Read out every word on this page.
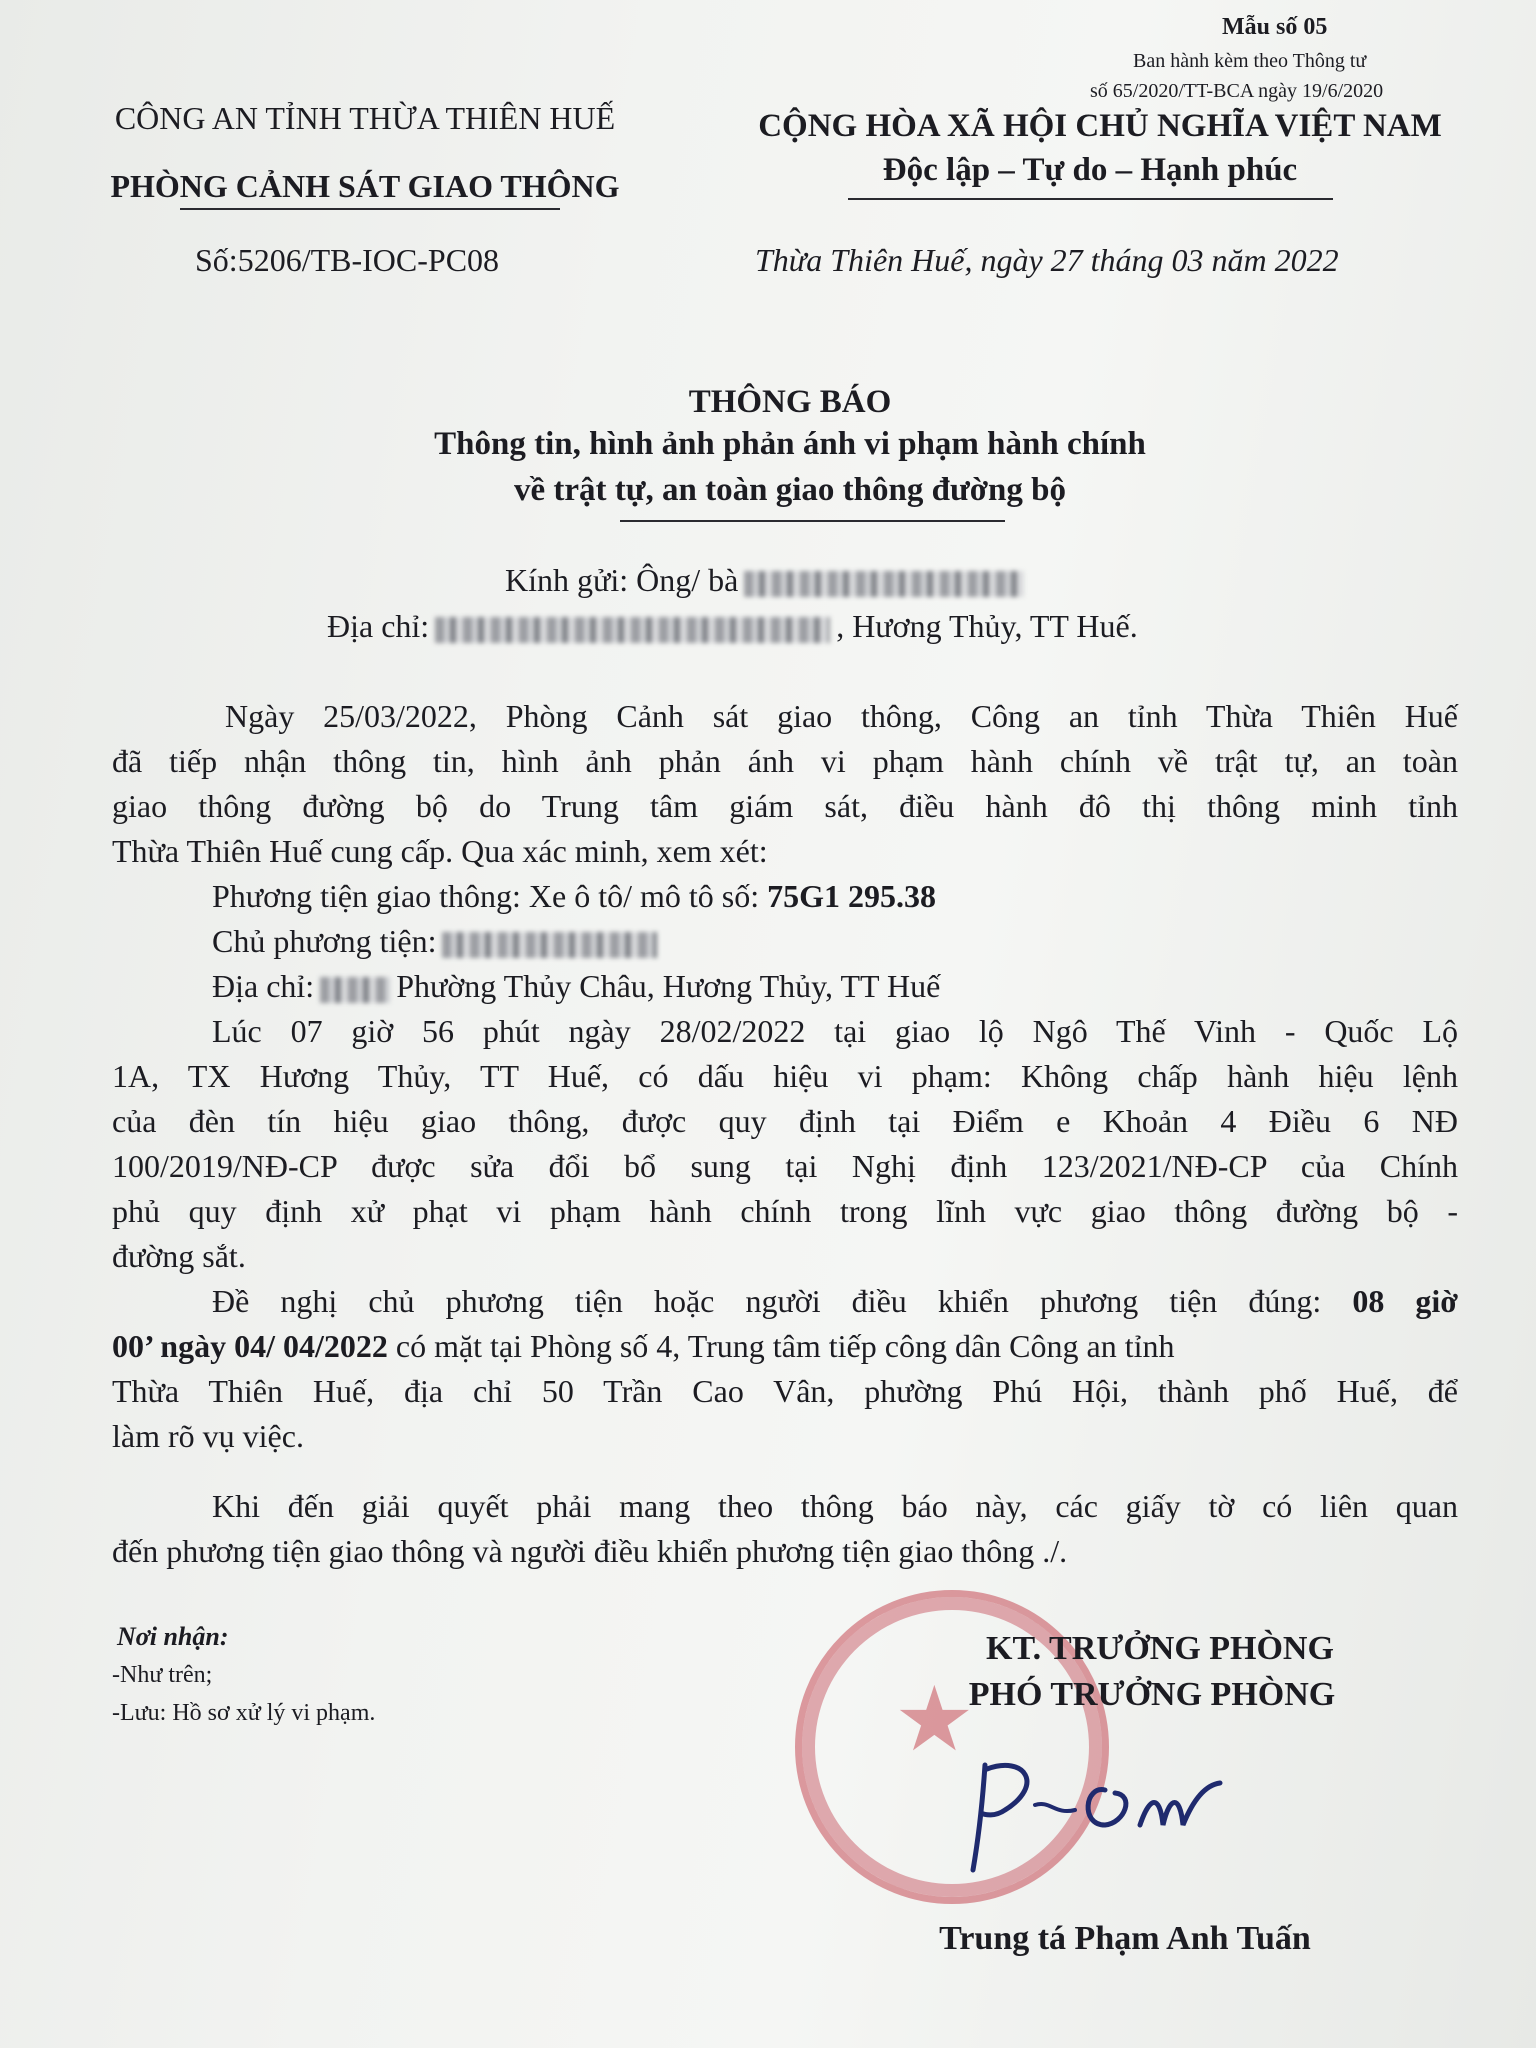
Mẫu số 05
Ban hành kèm theo Thông tư
số 65/2020/TT-BCA ngày 19/6/2020
CÔNG AN TỈNH THỪA THIÊN HUẾ
PHÒNG CẢNH SÁT GIAO THÔNG
Số:5206/TB-IOC-PC08
CỘNG HÒA XÃ HỘI CHỦ NGHĨA VIỆT NAM
Độc lập – Tự do – Hạnh phúc
Thừa Thiên Huế, ngày 27 tháng 03 năm 2022
THÔNG BÁO
Thông tin, hình ảnh phản ánh vi phạm hành chính
về trật tự, an toàn giao thông đường bộ
Kính gửi: Ông/ bà
Địa chỉ:	, Hương Thủy, TT Huế.
Ngày 25/03/2022, Phòng Cảnh sát giao thông, Công an tỉnh Thừa Thiên Huế
đã tiếp nhận thông tin, hình ảnh phản ánh vi phạm hành chính về trật tự, an toàn
giao thông đường bộ do Trung tâm giám sát, điều hành đô thị thông minh tỉnh
Thừa Thiên Huế cung cấp. Qua xác minh, xem xét:
Phương tiện giao thông: Xe ô tô/ mô tô số: 75G1 295.38
Chủ phương tiện:
Địa chỉ:	Phường Thủy Châu, Hương Thủy, TT Huế
Lúc 07 giờ 56 phút ngày 28/02/2022 tại giao lộ Ngô Thế Vinh - Quốc Lộ
1A, TX Hương Thủy, TT Huế, có dấu hiệu vi phạm: Không chấp hành hiệu lệnh
của đèn tín hiệu giao thông, được quy định tại Điểm e Khoản 4 Điều 6 NĐ
100/2019/NĐ-CP được sửa đổi bổ sung tại Nghị định 123/2021/NĐ-CP của Chính
phủ quy định xử phạt vi phạm hành chính trong lĩnh vực giao thông đường bộ -
đường sắt.
Đề nghị chủ phương tiện hoặc người điều khiển phương tiện đúng: 08 giờ
00’ ngày 04/ 04/2022 có mặt tại Phòng số 4, Trung tâm tiếp công dân Công an tỉnh
Thừa Thiên Huế, địa chỉ 50 Trần Cao Vân, phường Phú Hội, thành phố Huế, để
làm rõ vụ việc.
Khi đến giải quyết phải mang theo thông báo này, các giấy tờ có liên quan
đến phương tiện giao thông và người điều khiển phương tiện giao thông ./.
Nơi nhận:
-Như trên;
-Lưu: Hồ sơ xử lý vi phạm.	★
KT. TRƯỞNG PHÒNG
PHÓ TRƯỞNG PHÒNG
Trung tá Phạm Anh Tuấn
